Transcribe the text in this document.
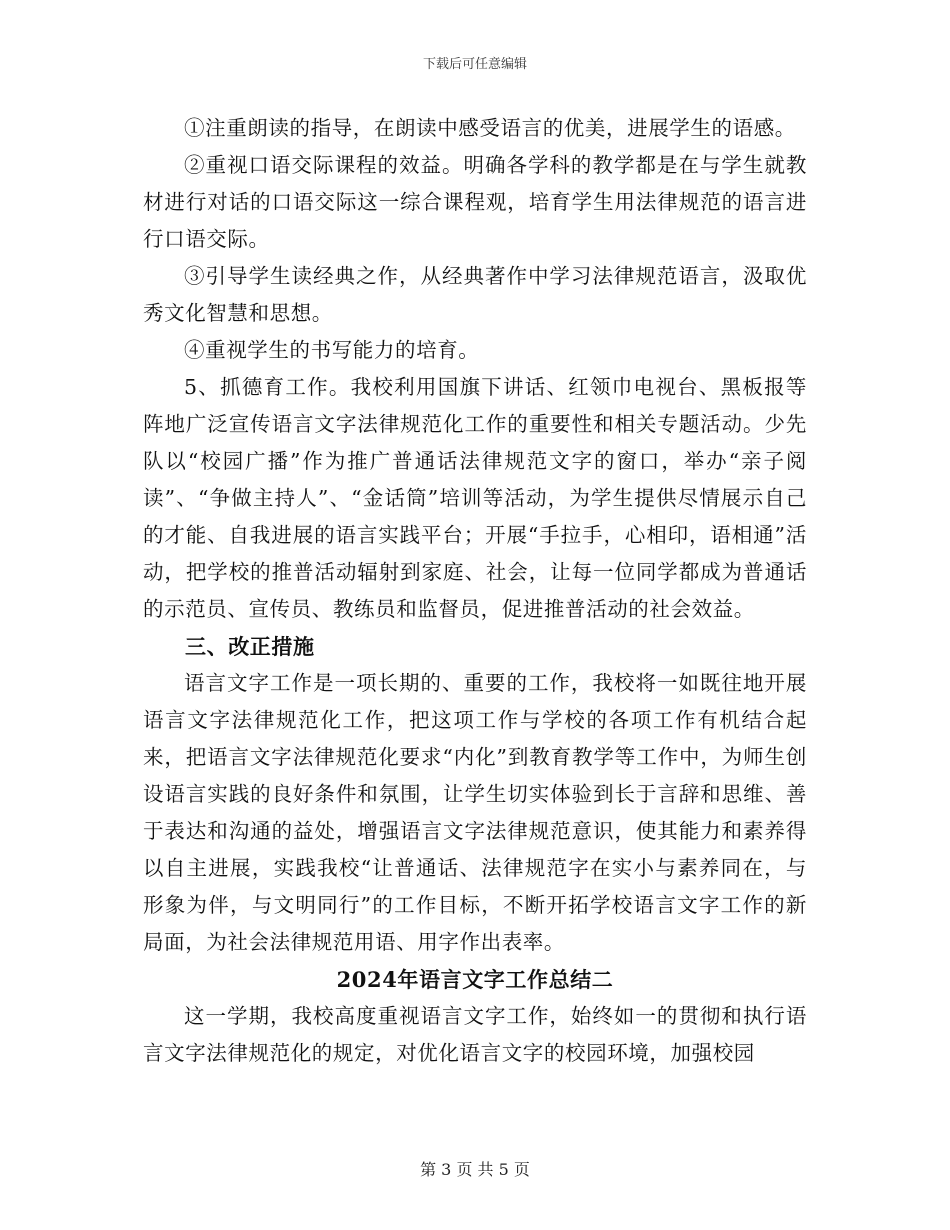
下载后可任意编辑

①注重朗读的指导，在朗读中感受语言的优美，进展学生的语感。

②重视口语交际课程的效益。明确各学科的教学都是在与学生就教材进行对话的口语交际这一综合课程观，培育学生用法律规范的语言进行口语交际。

③引导学生读经典之作，从经典著作中学习法律规范语言，汲取优秀文化智慧和思想。

④重视学生的书写能力的培育。

5、抓德育工作。我校利用国旗下讲话、红领巾电视台、黑板报等阵地广泛宣传语言文字法律规范化工作的重要性和相关专题活动。少先队以“校园广播”作为推广普通话法律规范文字的窗口，举办“亲子阅读”、“争做主持人”、“金话筒”培训等活动，为学生提供尽情展示自己的才能、自我进展的语言实践平台；开展“手拉手，心相印，语相通”活动，把学校的推普活动辐射到家庭、社会，让每一位同学都成为普通话的示范员、宣传员、教练员和监督员，促进推普活动的社会效益。

三、改正措施

语言文字工作是一项长期的、重要的工作，我校将一如既往地开展语言文字法律规范化工作，把这项工作与学校的各项工作有机结合起来，把语言文字法律规范化要求“内化”到教育教学等工作中，为师生创设语言实践的良好条件和氛围，让学生切实体验到长于言辞和思维、善于表达和沟通的益处，增强语言文字法律规范意识，使其能力和素养得以自主进展，实践我校“让普通话、法律规范字在实小与素养同在，与形象为伴，与文明同行”的工作目标，不断开拓学校语言文字工作的新局面，为社会法律规范用语、用字作出表率。

2024年语言文字工作总结二

这一学期，我校高度重视语言文字工作，始终如一的贯彻和执行语言文字法律规范化的规定，对优化语言文字的校园环境，加强校园

第 3 页 共 5 页
